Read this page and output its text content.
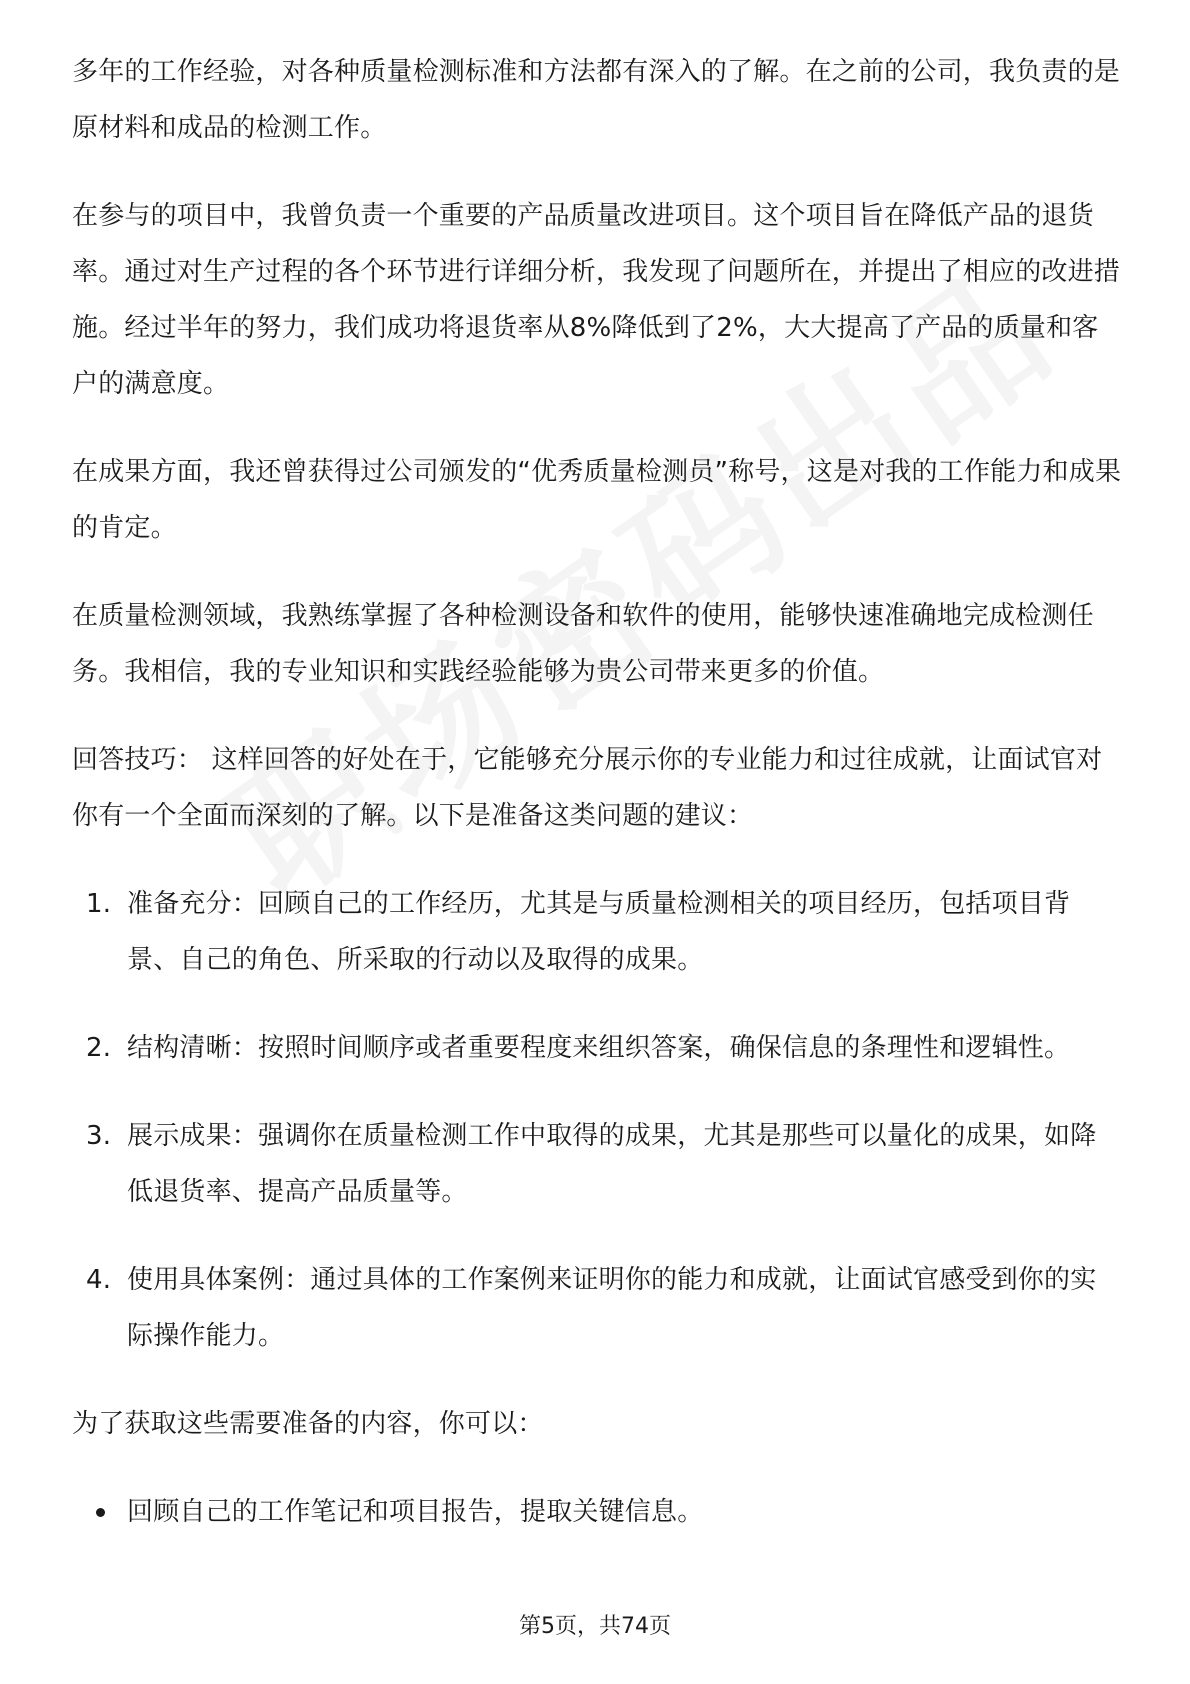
多年的工作经验，对各种质量检测标准和方法都有深入的了解。在之前的公司，我负责的是原材料和成品的检测工作。

在参与的项目中，我曾负责一个重要的产品质量改进项目。这个项目旨在降低产品的退货率。通过对生产过程的各个环节进行详细分析，我发现了问题所在，并提出了相应的改进措施。经过半年的努力，我们成功将退货率从8%降低到了2%，大大提高了产品的质量和客户的满意度。

在成果方面，我还曾获得过公司颁发的“优秀质量检测员”称号，这是对我的工作能力和成果的肯定。

在质量检测领域，我熟练掌握了各种检测设备和软件的使用，能够快速准确地完成检测任务。我相信，我的专业知识和实践经验能够为贵公司带来更多的价值。

回答技巧： 这样回答的好处在于，它能够充分展示你的专业能力和过往成就，让面试官对你有一个全面而深刻的了解。以下是准备这类问题的建议：

1. 准备充分：回顾自己的工作经历，尤其是与质量检测相关的项目经历，包括项目背景、自己的角色、所采取的行动以及取得的成果。
2. 结构清晰：按照时间顺序或者重要程度来组织答案，确保信息的条理性和逻辑性。
3. 展示成果：强调你在质量检测工作中取得的成果，尤其是那些可以量化的成果，如降低退货率、提高产品质量等。
4. 使用具体案例：通过具体的工作案例来证明你的能力和成就，让面试官感受到你的实际操作能力。

为了获取这些需要准备的内容，你可以：

回顾自己的工作笔记和项目报告，提取关键信息。
第5页，共74页
